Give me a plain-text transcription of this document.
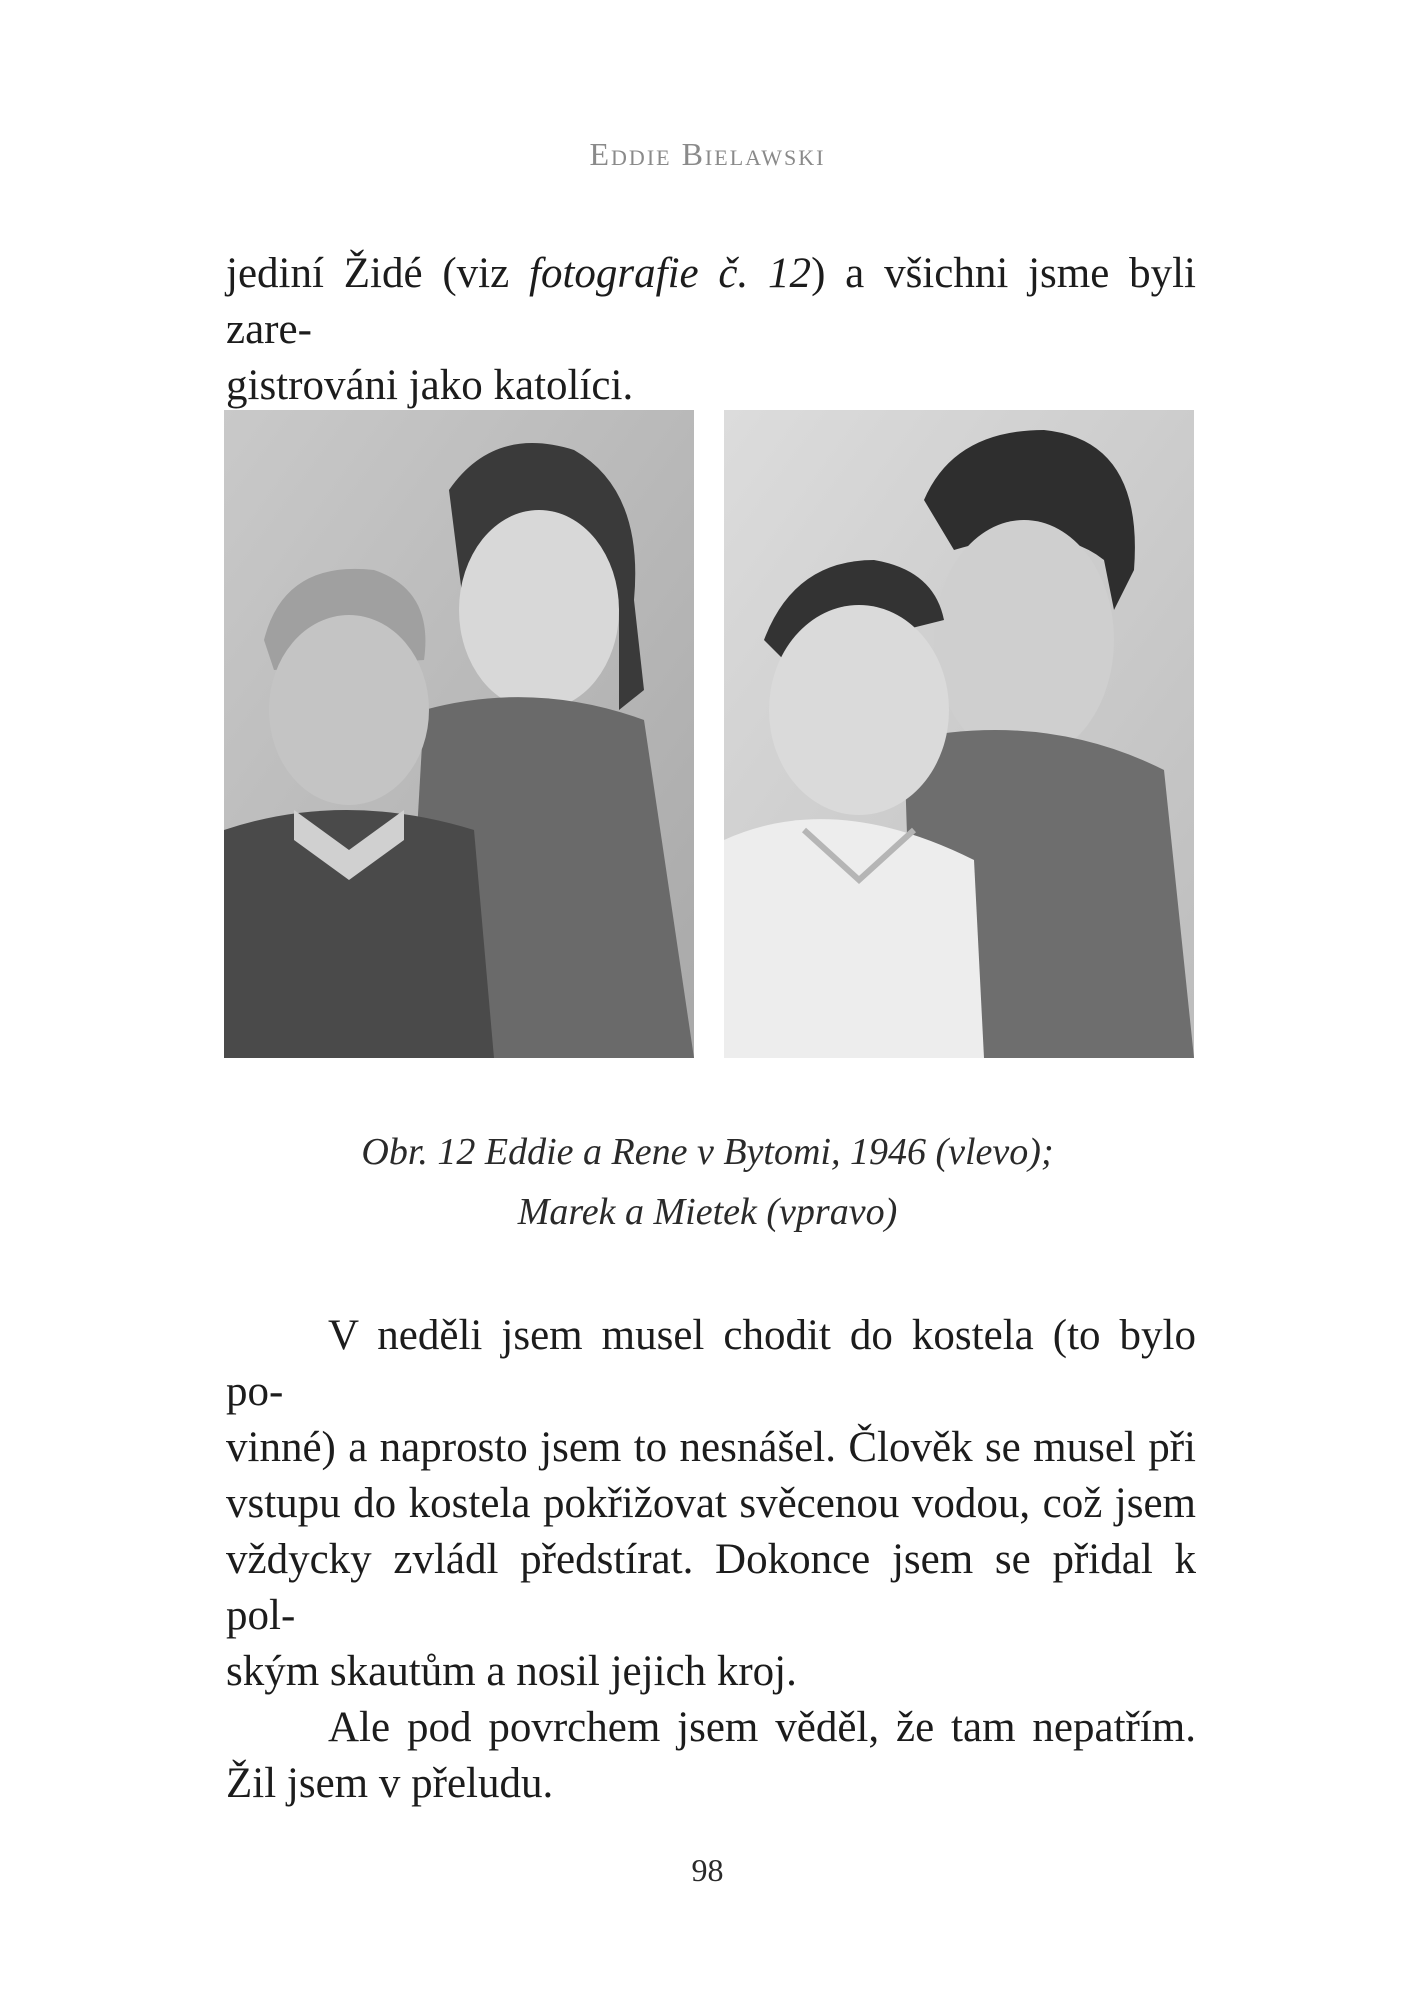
Eddie Bielawski
jediní Židé (viz fotografie č. 12) a všichni jsme byli zare-
gistrováni jako katolíci.
Obr. 12 Eddie a Rene v Bytomi, 1946 (vlevo);
Marek a Mietek (vpravo)
V neděli jsem musel chodit do kostela (to bylo po-
vinné) a naprosto jsem to nesnášel. Člověk se musel při
vstupu do kostela pokřižovat svěcenou vodou, což jsem
vždycky zvládl předstírat. Dokonce jsem se přidal k pol-
ským skautům a nosil jejich kroj.
Ale pod povrchem jsem věděl, že tam nepatřím.
Žil jsem v přeludu.
98
